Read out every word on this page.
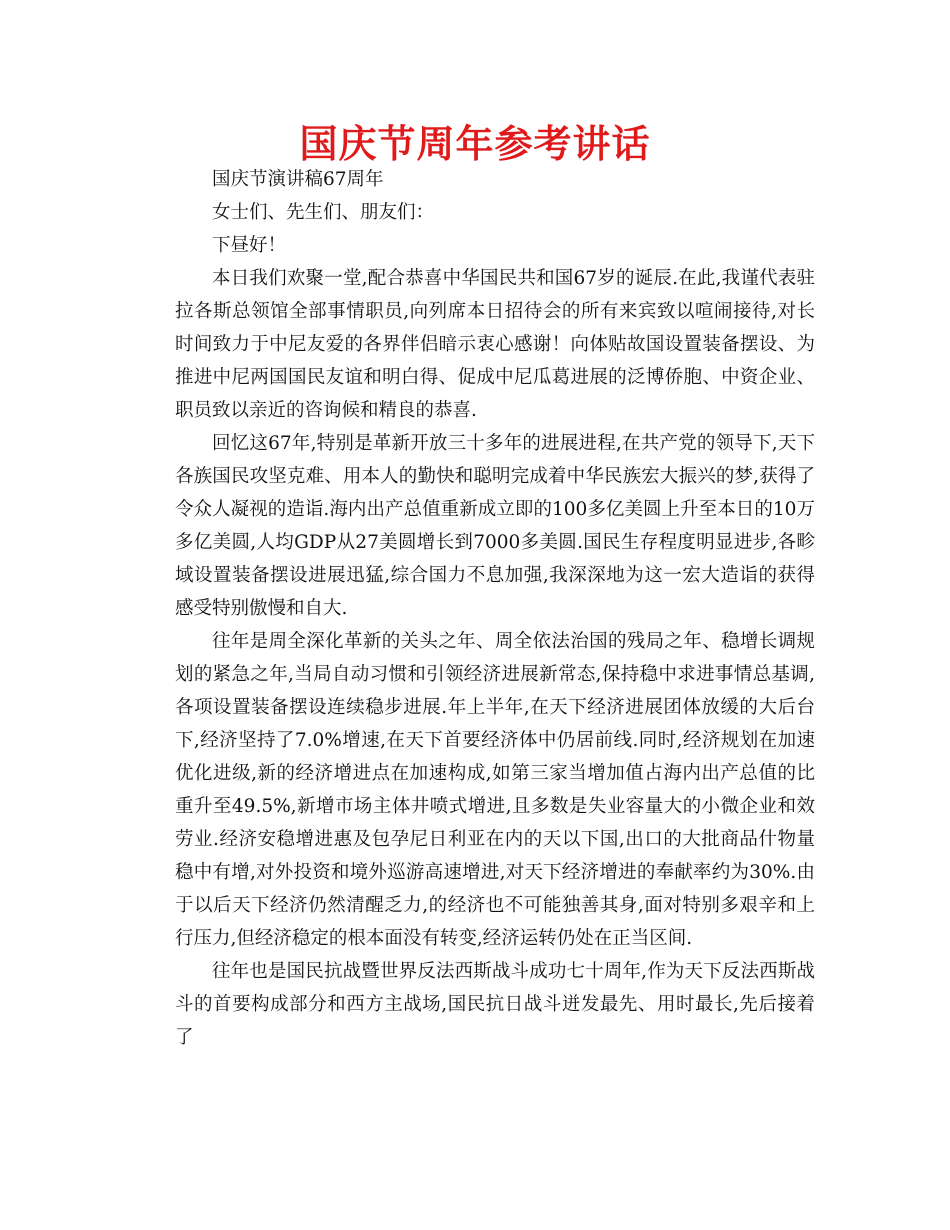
国庆节周年参考讲话

国庆节演讲稿67周年

女士们、先生们、朋友们：

下昼好！

本日我们欢聚一堂,配合恭喜中华国民共和国67岁的诞辰.在此,我谨代表驻拉各斯总领馆全部事情职员,向列席本日招待会的所有来宾致以喧闹接待,对长时间致力于中尼友爱的各界伴侣暗示衷心感谢！向体贴故国设置装备摆设、为推进中尼两国国民友谊和明白得、促成中尼瓜葛进展的泛博侨胞、中资企业、职员致以亲近的咨询候和精良的恭喜.

回忆这67年,特别是革新开放三十多年的进展进程,在共产党的领导下,天下各族国民攻坚克难、用本人的勤快和聪明完成着中华民族宏大振兴的梦,获得了令众人凝视的造诣.海内出产总值重新成立即的100多亿美圆上升至本日的10万多亿美圆,人均GDP从27美圆增长到7000多美圆.国民生存程度明显进步,各畛域设置装备摆设进展迅猛,综合国力不息加强,我深深地为这一宏大造诣的获得感受特别傲慢和自大.

往年是周全深化革新的关头之年、周全依法治国的残局之年、稳增长调规划的紧急之年,当局自动习惯和引领经济进展新常态,保持稳中求进事情总基调,各项设置装备摆设连续稳步进展.年上半年,在天下经济进展团体放缓的大后台下,经济坚持了7.0%增速,在天下首要经济体中仍居前线.同时,经济规划在加速优化进级,新的经济增进点在加速构成,如第三家当增加值占海内出产总值的比重升至49.5%,新增市场主体井喷式增进,且多数是失业容量大的小微企业和效劳业.经济安稳增进惠及包孕尼日利亚在内的天以下国,出口的大批商品什物量稳中有增,对外投资和境外巡游高速增进,对天下经济增进的奉献率约为30%.由于以后天下经济仍然清醒乏力,的经济也不可能独善其身,面对特别多艰辛和上行压力,但经济稳定的根本面没有转变,经济运转仍处在正当区间.

往年也是国民抗战暨世界反法西斯战斗成功七十周年,作为天下反法西斯战斗的首要构成部分和西方主战场,国民抗日战斗迸发最先、用时最长,先后接着了
